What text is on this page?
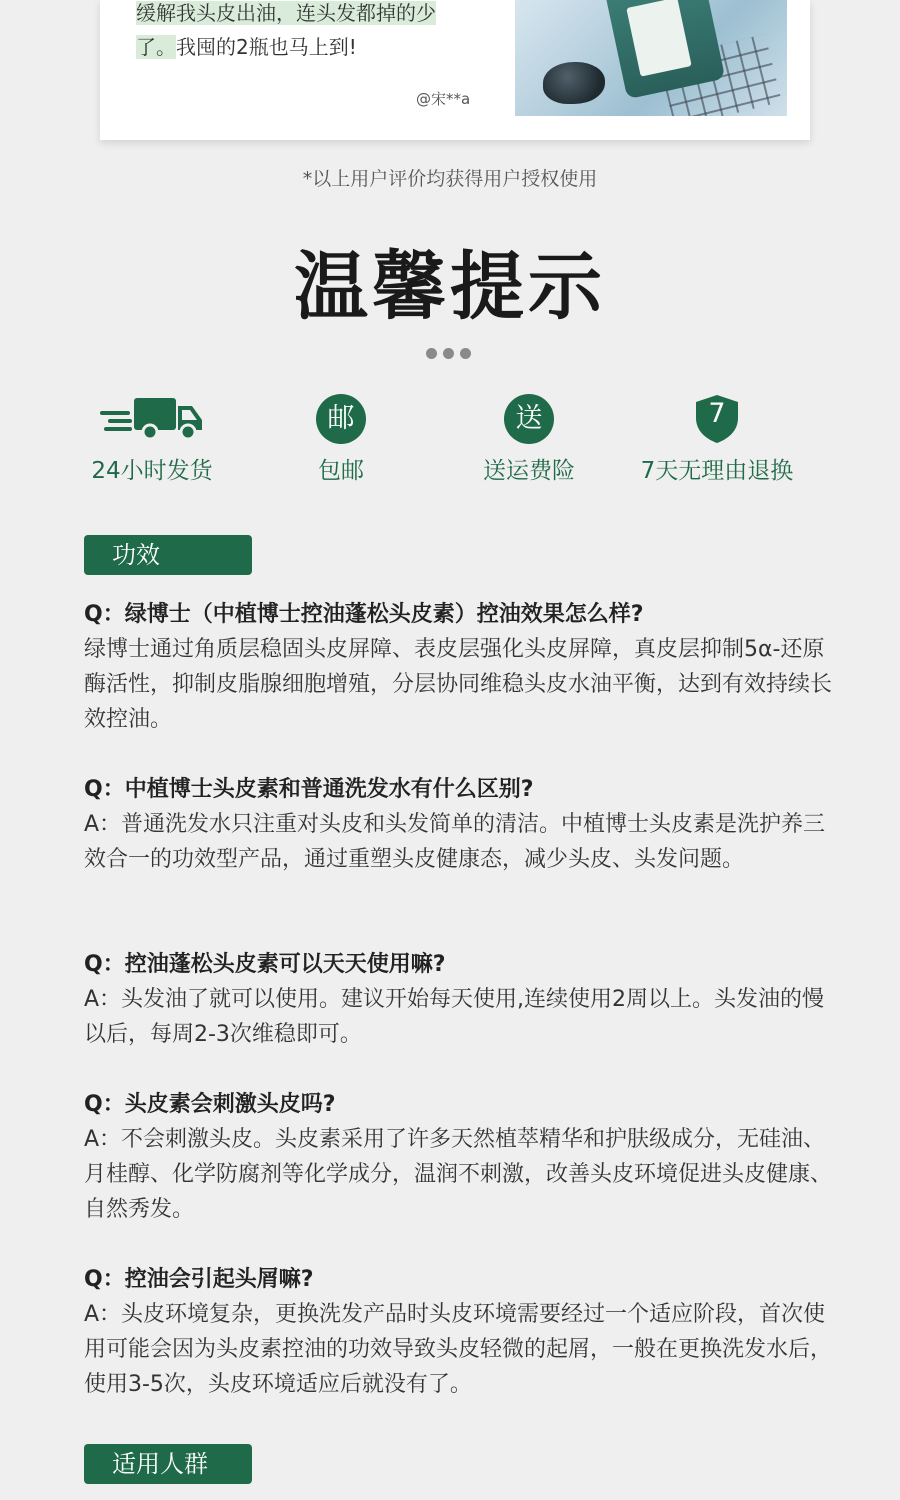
缓解我头皮出油，连头发都掉的少
了。我囤的2瓶也马上到!
@宋**a
*以上用户评价均获得用户授权使用
温馨提示
24小时发货
邮
包邮
送
送运费险
7
7天无理由退换
功效

Q：绿博士（中植博士控油蓬松头皮素）控油效果怎么样?

绿博士通过角质层稳固头皮屏障、表皮层强化头皮屏障，真皮层抑制5α-还原酶活性，抑制皮脂腺细胞增殖，分层协同维稳头皮水油平衡，达到有效持续长效控油。

Q：中植博士头皮素和普通洗发水有什么区别?

A：普通洗发水只注重对头皮和头发简单的清洁。中植博士头皮素是洗护养三效合一的功效型产品，通过重塑头皮健康态，减少头皮、头发问题。

Q：控油蓬松头皮素可以天天使用嘛?

A：头发油了就可以使用。建议开始每天使用,连续使用2周以上。头发油的慢以后，每周2-3次维稳即可。

Q：头皮素会刺激头皮吗?

A：不会刺激头皮。头皮素采用了许多天然植萃精华和护肤级成分，无硅油、月桂醇、化学防腐剂等化学成分，温润不刺激，改善头皮环境促进头皮健康、自然秀发。

Q：控油会引起头屑嘛?

A：头皮环境复杂，更换洗发产品时头皮环境需要经过一个适应阶段，首次使用可能会因为头皮素控油的功效导致头皮轻微的起屑，一般在更换洗发水后，使用3-5次，头皮环境适应后就没有了。

适用人群
